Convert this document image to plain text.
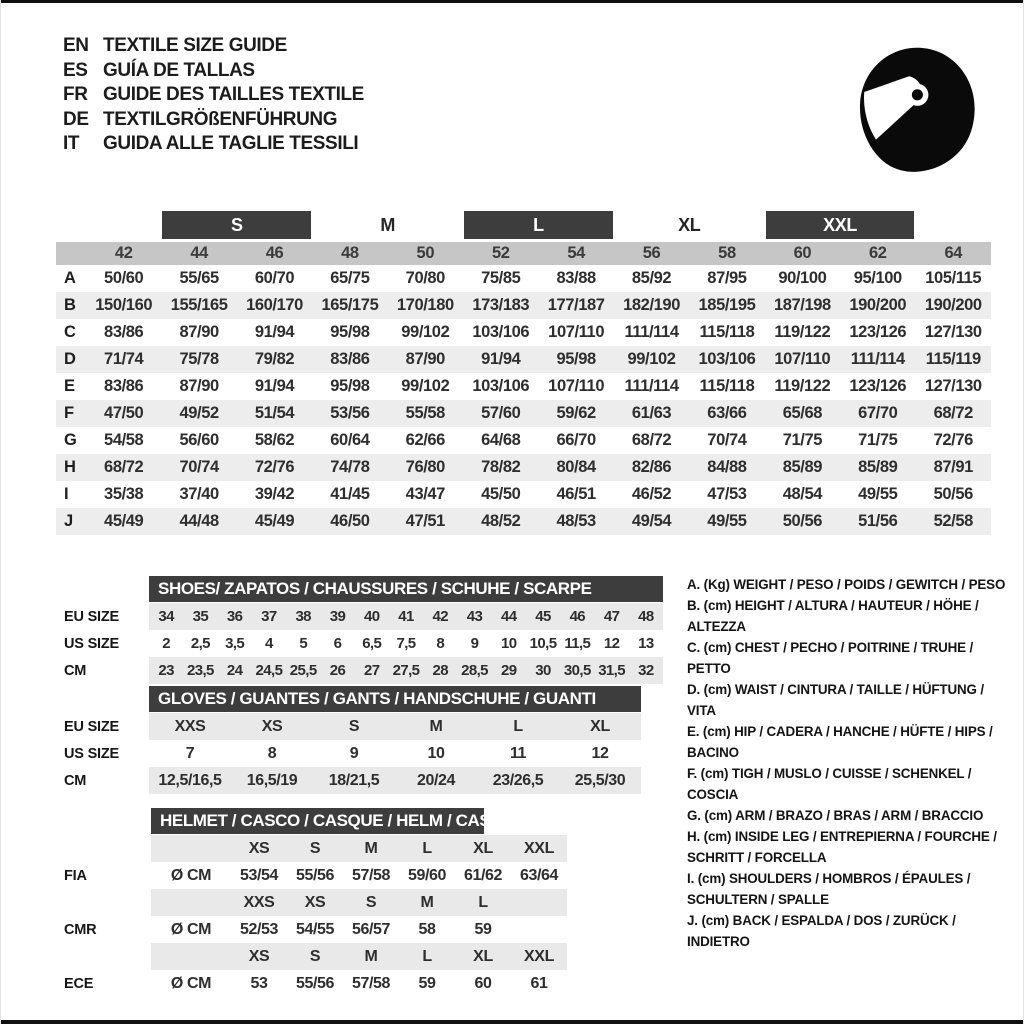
EN TEXTILE SIZE GUIDE
ES GUÍA DE TALLAS
FR GUIDE DES TAILLES TEXTILE
DE TEXTILGRÖßENFÜHRUNG
IT	GUIDA ALLE TAGLIE TESSILI

		S		M		L		XL		XXL		

	42	44	46	48	50	52	54	56	58	60	62	64
A	50/60	55/65	60/70	65/75	70/80	75/85	83/88	85/92	87/95	90/100	95/100	105/115
B	150/160	155/165	160/170	165/175	170/180	173/183	177/187	182/190	185/195	187/198	190/200	190/200
C	83/86	87/90	91/94	95/98	99/102	103/106	107/110	111/114	115/118	119/122	123/126	127/130
D	71/74	75/78	79/82	83/86	87/90	91/94	95/98	99/102	103/106	107/110	111/114	115/119
E	83/86	87/90	91/94	95/98	99/102	103/106	107/110	111/114	115/118	119/122	123/126	127/130
F	47/50	49/52	51/54	53/56	55/58	57/60	59/62	61/63	63/66	65/68	67/70	68/72
G	54/58	56/60	58/62	60/64	62/66	64/68	66/70	68/72	70/74	71/75	71/75	72/76
H	68/72	70/74	72/76	74/78	76/80	78/82	80/84	82/86	84/88	85/89	85/89	87/91
I	35/38	37/40	39/42	41/45	43/47	45/50	46/51	46/52	47/53	48/54	49/55	50/56
J	45/49	44/48	45/49	46/50	47/51	48/52	48/53	49/54	49/55	50/56	51/56	52/58

	SHOES/ ZAPATOS / CHAUSSURES / SCHUHE / SCARPE														

EU SIZE	34	35	36	37	38	39	40	41	42	43	44	45	46	47	48
US SIZE	2	2,5	3,5	4	5	6	6,5	7,5	8	9	10	10,5	11,5	12	13
CM	23	23,5	24	24,5	25,5	26	27	27,5	28	28,5	29	30	30,5	31,5	32

	GLOVES / GUANTES / GANTS / HANDSCHUHE / GUANTI					

EU SIZE	XXS	XS	S	M	L	XL
US SIZE	7	8	9	10	11	12
CM	12,5/16,5	16,5/19	18/21,5	20/24	23/26,5	25,5/30

	HELMET / CASCO / CASQUE / HELM / CASCO						

		XS	S	M	L	XL	XXL
FIA	Ø CM	53/54	55/56	57/58	59/60	61/62	63/64
		XXS	XS	S	M	L	
CMR	Ø CM	52/53	54/55	56/57	58	59	
		XS	S	M	L	XL	XXL
ECE	Ø CM	53	55/56	57/58	59	60	61
A. (Kg) WEIGHT / PESO / POIDS / GEWITCH / PESO
B. (cm) HEIGHT / ALTURA / HAUTEUR / HÖHE / ALTEZZA
C. (cm) CHEST / PECHO / POITRINE / TRUHE / PETTO
D. (cm) WAIST / CINTURA / TAILLE / HÜFTUNG / VITA
E. (cm) HIP / CADERA / HANCHE / HÜFTE / HIPS / BACINO
F. (cm) TIGH / MUSLO / CUISSE / SCHENKEL / COSCIA
G. (cm) ARM / BRAZO / BRAS / ARM / BRACCIO
H. (cm) INSIDE LEG / ENTREPIERNA / FOURCHE / SCHRITT / FORCELLA
I. (cm) SHOULDERS / HOMBROS / ÉPAULES / SCHULTERN / SPALLE
J. (cm) BACK / ESPALDA / DOS / ZURÜCK / INDIETRO
